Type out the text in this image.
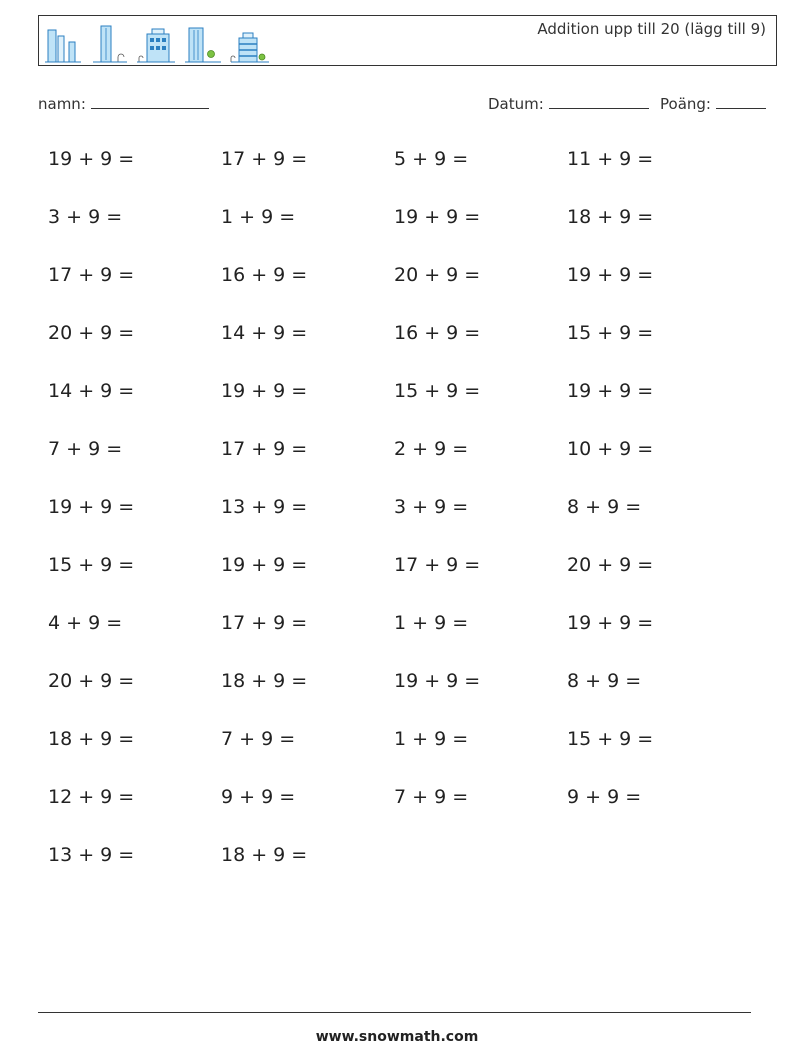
Addition upp till 20 (lägg till 9)
namn:	Datum:	Poäng:
19 + 9 =	17 + 9 =	5 + 9 =	11 + 9 =
3 + 9 =	1 + 9 =	19 + 9 =	18 + 9 =
17 + 9 =	16 + 9 =	20 + 9 =	19 + 9 =
20 + 9 =	14 + 9 =	16 + 9 =	15 + 9 =
14 + 9 =	19 + 9 =	15 + 9 =	19 + 9 =
7 + 9 =	17 + 9 =	2 + 9 =	10 + 9 =
19 + 9 =	13 + 9 =	3 + 9 =	8 + 9 =
15 + 9 =	19 + 9 =	17 + 9 =	20 + 9 =
4 + 9 =	17 + 9 =	1 + 9 =	19 + 9 =
20 + 9 =	18 + 9 =	19 + 9 =	8 + 9 =
18 + 9 =	7 + 9 =	1 + 9 =	15 + 9 =
12 + 9 =	9 + 9 =	7 + 9 =	9 + 9 =
13 + 9 =	18 + 9 =
www.snowmath.com
